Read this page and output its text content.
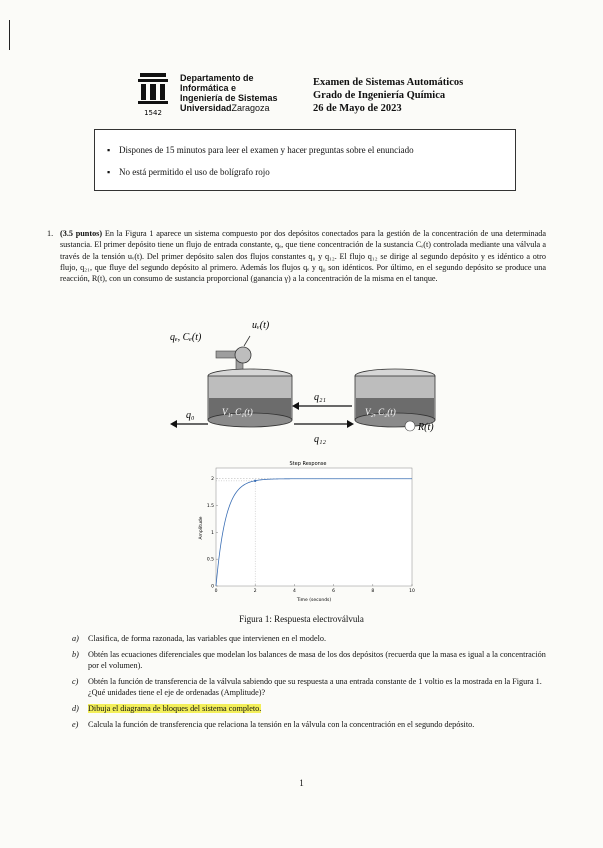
1542
Departamento de
Informática e
Ingeniería de Sistemas
UniversidadZaragoza
Examen de Sistemas Automáticos
Grado de Ingeniería Química
26 de Mayo de 2023
▪ Dispones de 15 minutos para leer el examen y hacer preguntas sobre el enunciado
▪ No está permitido el uso de bolígrafo rojo
1. (3.5 puntos) En la Figura 1 aparece un sistema compuesto por dos depósitos conectados para la gestión de la concentración de una determinada sustancia. El primer depósito tiene un flujo de entrada constante, qₑ, que tiene concentración de la sustancia Cₑ(t) controlada mediante una válvula a través de la tensión uᵥ(t). Del primer depósito salen dos flujos constantes q₀ y q₁₂. El flujo q₁₂ se dirige al segundo depósito y es idéntico a otro flujo, q₂₁, que fluye del segundo depósito al primero. Además los flujos qₑ y q₀ son idénticos. Por último, en el segundo depósito se produce una reacción, R(t), con un consumo de sustancia proporcional (ganancia γ) a la concentración de la misma en el tanque.
qₑ, Cₑ(t)
uᵥ(t)
V₁, C₁(t)	V₂, C₂(t)
q₀
q₂₁
q₁₂
R(t)
Step Response
0	2	4	6	8	10
0
0.5
1
1.5
2
Time (seconds)
Amplitude
Figura 1: Respuesta electroválvula
a) Clasifica, de forma razonada, las variables que intervienen en el modelo.
b) Obtén las ecuaciones diferenciales que modelan los balances de masa de los dos depósitos (recuerda que la masa es igual a la concentración por el volumen).
c) Obtén la función de transferencia de la válvula sabiendo que su respuesta a una entrada constante de 1 voltio es la mostrada en la Figura 1. ¿Qué unidades tiene el eje de ordenadas (Amplitude)?
d) Dibuja el diagrama de bloques del sistema completo.
e) Calcula la función de transferencia que relaciona la tensión en la válvula con la concentración en el segundo depósito.
1
